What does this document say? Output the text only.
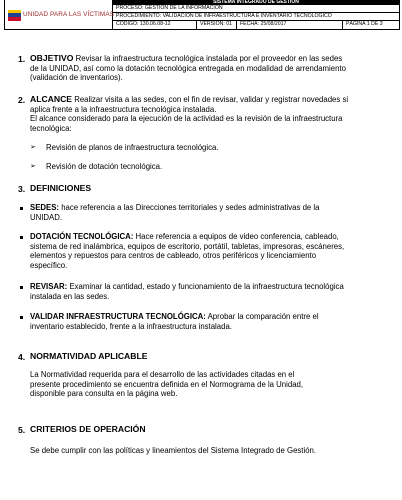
UNIDAD PARA LAS VÍCTIMAS
SISTEMA INTEGRADO DE GESTIÓN
PROCESO: GESTIÓN DE LA INFORMACIÓN
PROCEDIMIENTO: VALIDACIÓN DE INFRAESTRUCTURA E INVENTARIO TECNOLÓGICO
CÓDIGO: 130.06.08-12	VERSIÓN: 01	FECHA: 25/08/2017	PÁGINA 1 DE 3
1. OBJETIVO Revisar la infraestructura tecnológica instalada por el proveedor en las sedes
de la UNIDAD, así como la dotación tecnológica entregada en modalidad de arrendamiento
(validación de inventarios).
2. ALCANCE Realizar visita a las sedes, con el fin de revisar, validar y registrar novedades si
aplica frente a la infraestructura tecnológica instalada.
El alcance considerado para la ejecución de la actividad es la revisión de la infraestructura
tecnológica:
➢ Revisión de planos de infraestructura tecnológica.
➢ Revisión de dotación tecnológica.
3. DEFINICIONES
SEDES: hace referencia a las Direcciones territoriales y sedes administrativas de la
UNIDAD.
DOTACIÓN TECNOLÓGICA: Hace referencia a equipos de video conferencia, cableado,
sistema de red inalámbrica, equipos de escritorio, portátil, tabletas, impresoras, escáneres,
elementos y repuestos para centros de cableado, otros periféricos y licenciamiento
específico.
REVISAR: Examinar la cantidad, estado y funcionamiento de la infraestructura tecnológica
instalada en las sedes.
VALIDAR INFRAESTRUCTURA TECNOLÓGICA: Aprobar la comparación entre el
inventario establecido, frente a la infraestructura instalada.
4. NORMATIVIDAD APLICABLE
La Normatividad requerida para el desarrollo de las actividades citadas en el
presente procedimiento se encuentra definida en el Normograma de la Unidad,
disponible para consulta en la página web.
5. CRITERIOS DE OPERACIÓN
Se debe cumplir con las políticas y lineamientos del Sistema Integrado de Gestión.
